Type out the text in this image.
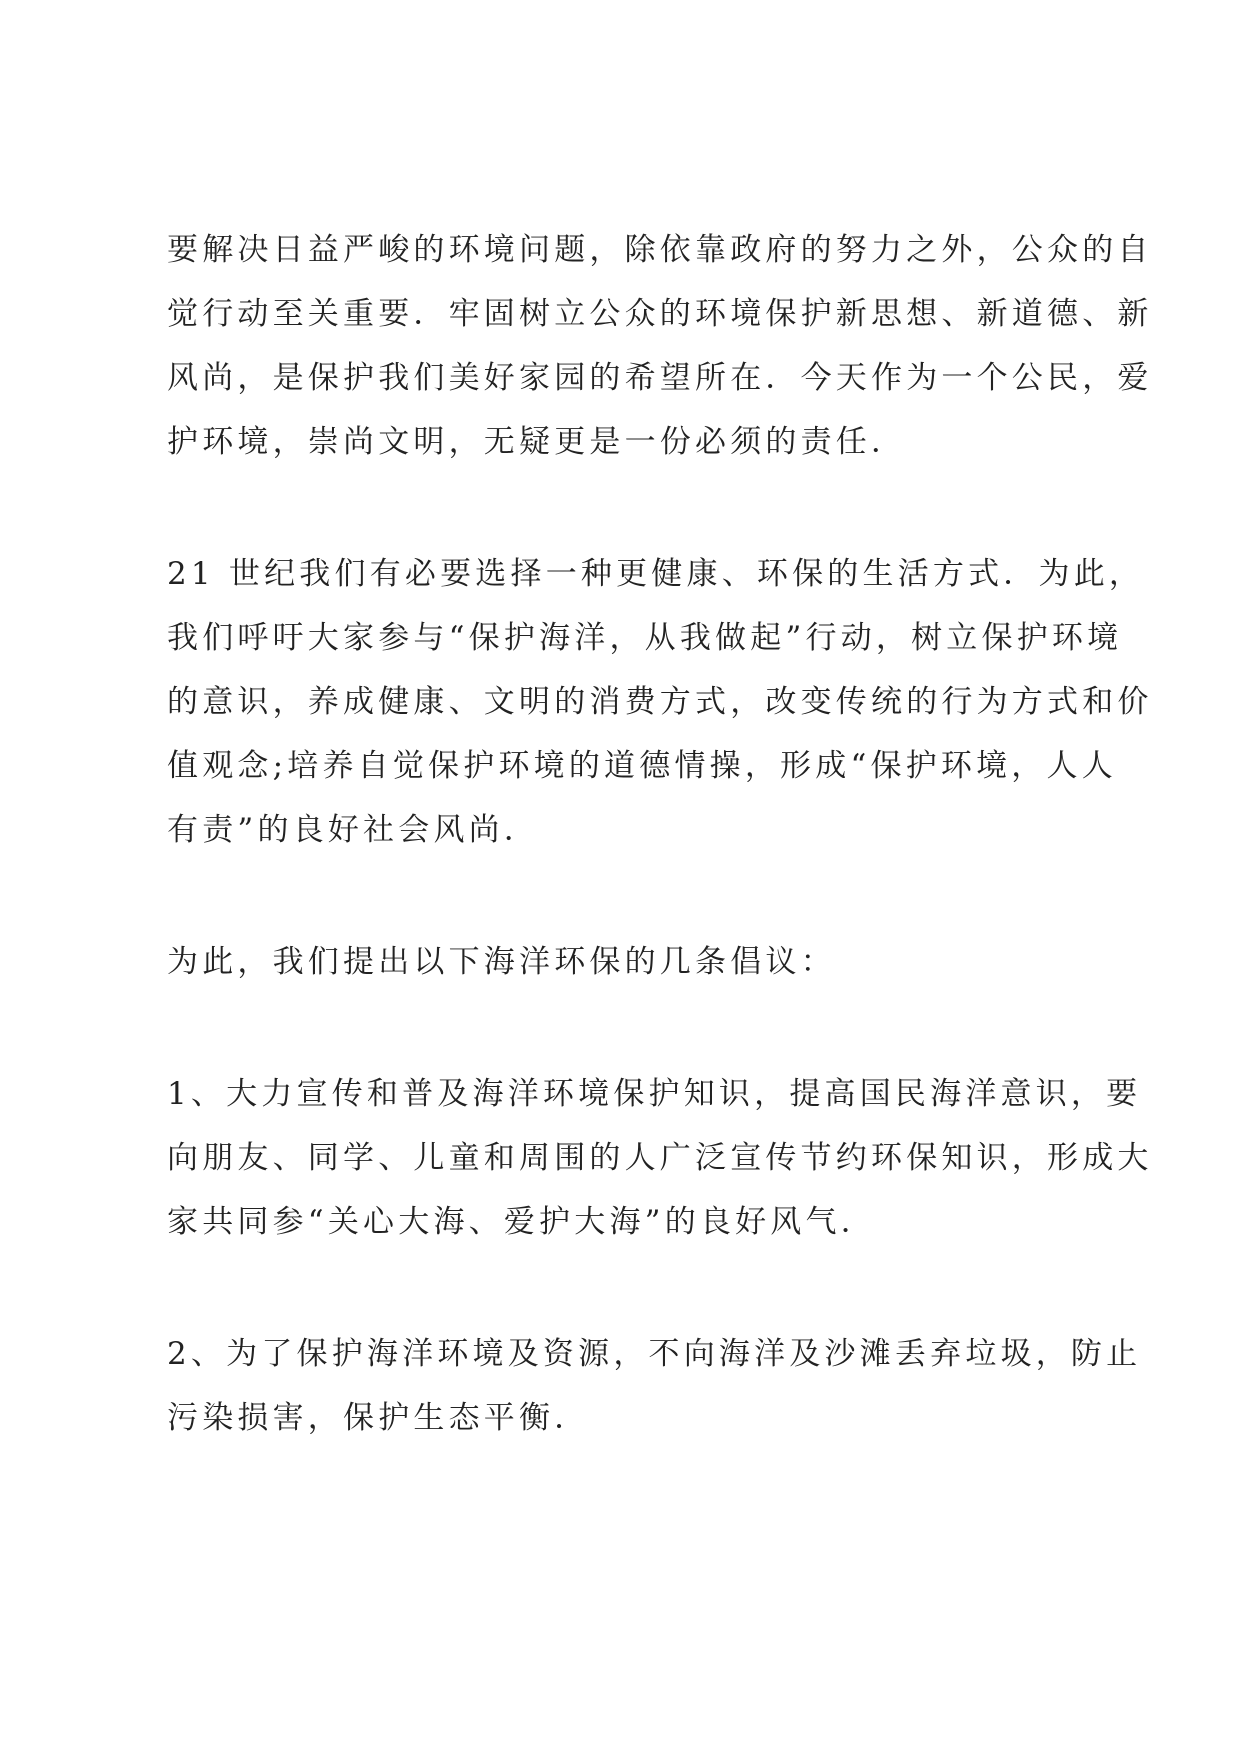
要解决日益严峻的环境问题，除依靠政府的努力之外，公众的自
觉行动至关重要．牢固树立公众的环境保护新思想、新道德、新
风尚，是保护我们美好家园的希望所在．今天作为一个公民，爱
护环境，崇尚文明，无疑更是一份必须的责任．
21 世纪我们有必要选择一种更健康、环保的生活方式．为此，
我们呼吁大家参与“保护海洋，从我做起”行动，树立保护环境
的意识，养成健康、文明的消费方式，改变传统的行为方式和价
值观念;培养自觉保护环境的道德情操，形成“保护环境，人人
有责”的良好社会风尚．
为此，我们提出以下海洋环保的几条倡议：
1、大力宣传和普及海洋环境保护知识，提高国民海洋意识，要
向朋友、同学、儿童和周围的人广泛宣传节约环保知识，形成大
家共同参“关心大海、爱护大海”的良好风气．
2、为了保护海洋环境及资源，不向海洋及沙滩丢弃垃圾，防止
污染损害，保护生态平衡．
